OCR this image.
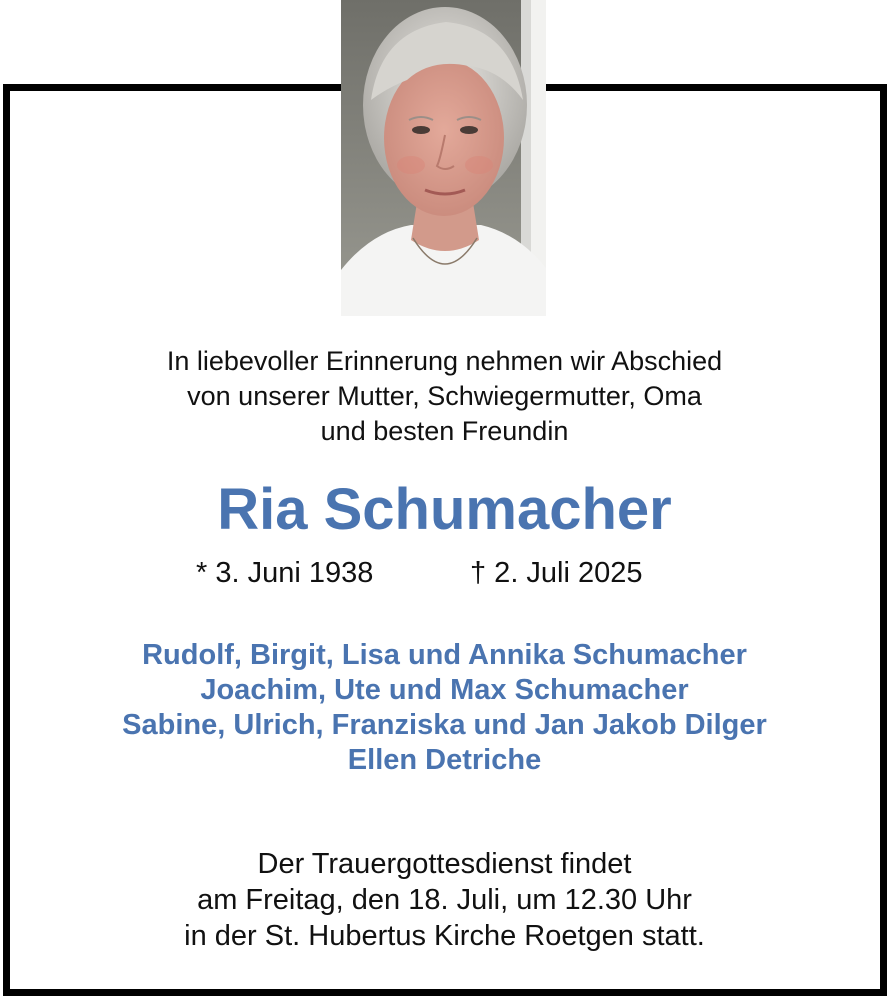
In liebevoller Erinnerung nehmen wir Abschied
von unserer Mutter, Schwiegermutter, Oma
und besten Freundin
Ria Schumacher
* 3. Juni 1938	† 2. Juli 2025
Rudolf, Birgit, Lisa und Annika Schumacher
Joachim, Ute und Max Schumacher
Sabine, Ulrich, Franziska und Jan Jakob Dilger
Ellen Detriche
Der Trauergottesdienst findet
am Freitag, den 18. Juli, um 12.30 Uhr
in der St. Hubertus Kirche Roetgen statt.
